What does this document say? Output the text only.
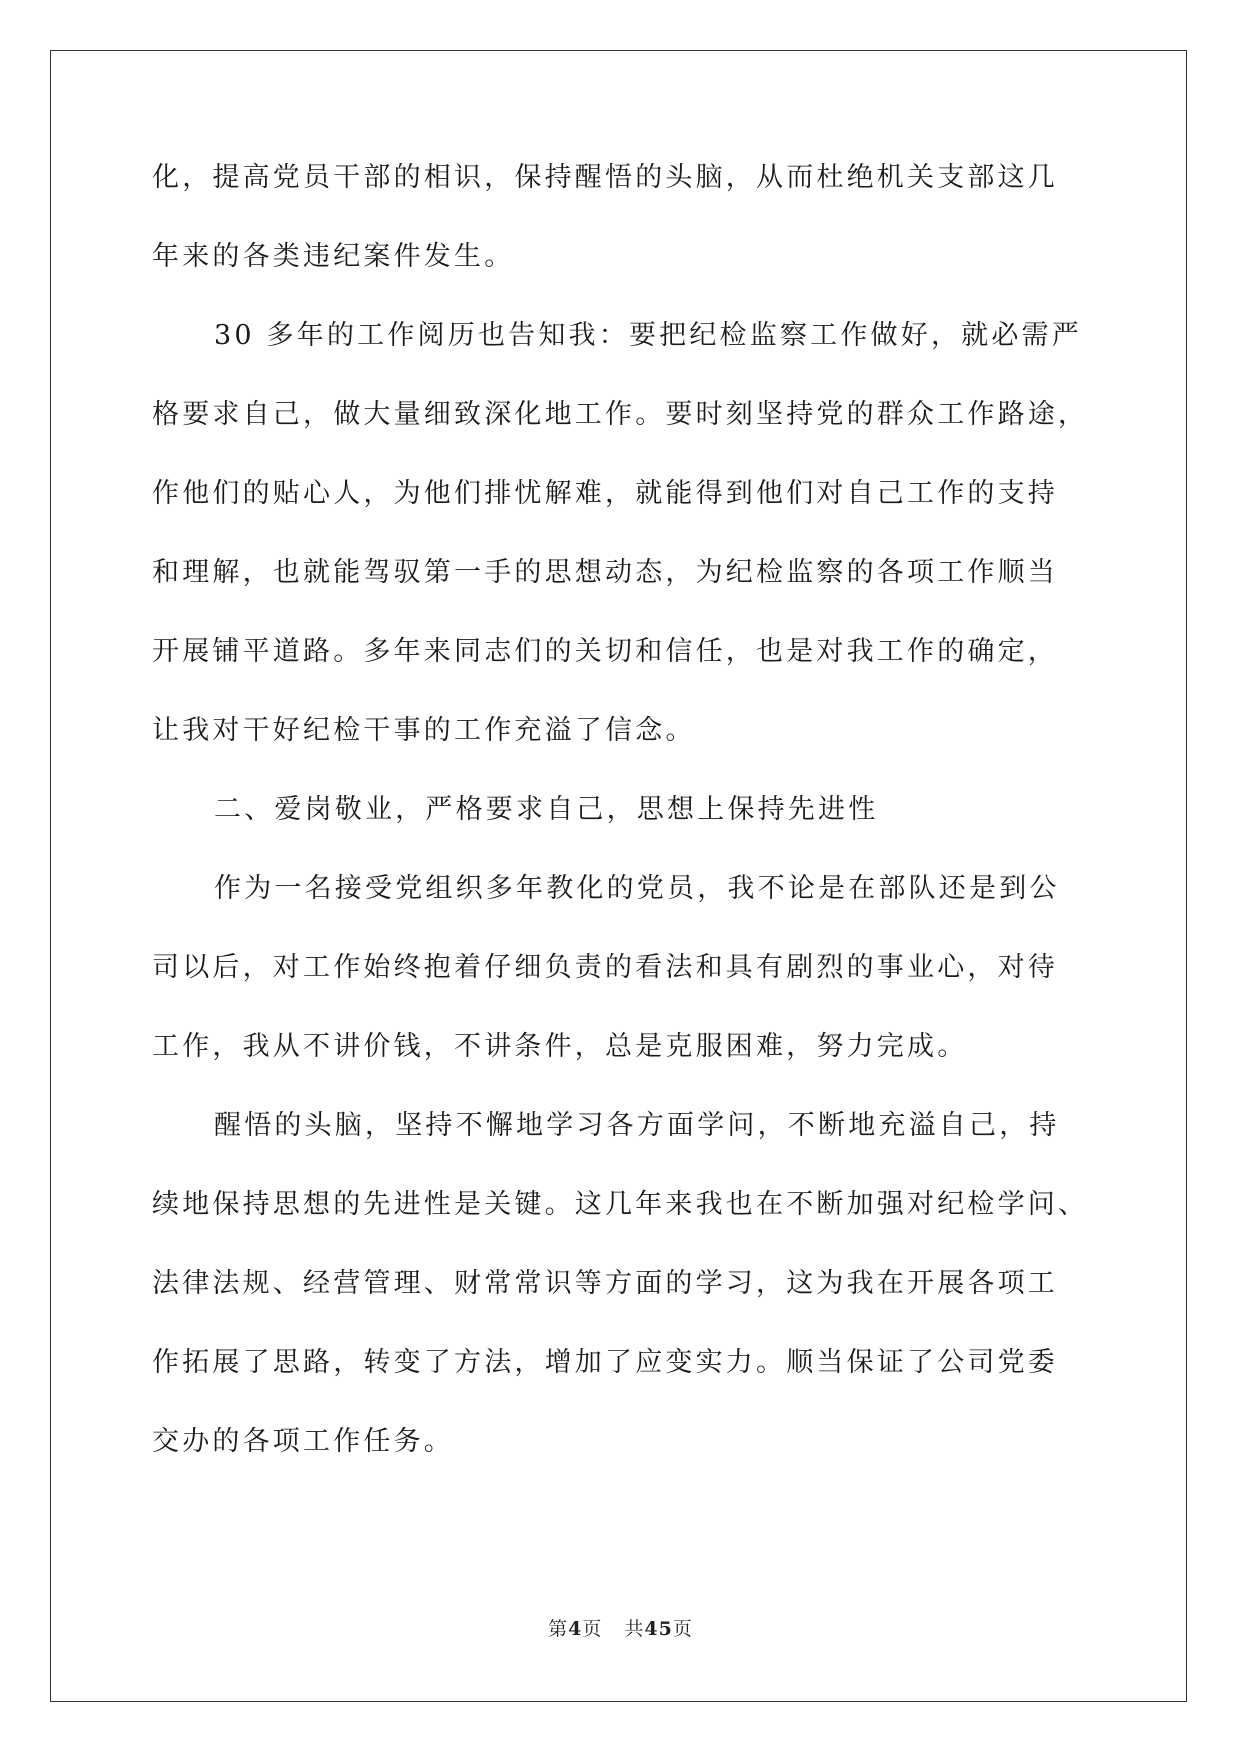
化，提高党员干部的相识，保持醒悟的头脑，从而杜绝机关支部这几
年来的各类违纪案件发生。
30 多年的工作阅历也告知我：要把纪检监察工作做好，就必需严
格要求自己，做大量细致深化地工作。要时刻坚持党的群众工作路途，
作他们的贴心人，为他们排忧解难，就能得到他们对自己工作的支持
和理解，也就能驾驭第一手的思想动态，为纪检监察的各项工作顺当
开展铺平道路。多年来同志们的关切和信任，也是对我工作的确定，
让我对干好纪检干事的工作充溢了信念。
二、爱岗敬业，严格要求自己，思想上保持先进性
作为一名接受党组织多年教化的党员，我不论是在部队还是到公
司以后，对工作始终抱着仔细负责的看法和具有剧烈的事业心，对待
工作，我从不讲价钱，不讲条件，总是克服困难，努力完成。
醒悟的头脑，坚持不懈地学习各方面学问，不断地充溢自己，持
续地保持思想的先进性是关键。这几年来我也在不断加强对纪检学问、
法律法规、经营管理、财常常识等方面的学习，这为我在开展各项工
作拓展了思路，转变了方法，增加了应变实力。顺当保证了公司党委
交办的各项工作任务。
第4页 共45页
